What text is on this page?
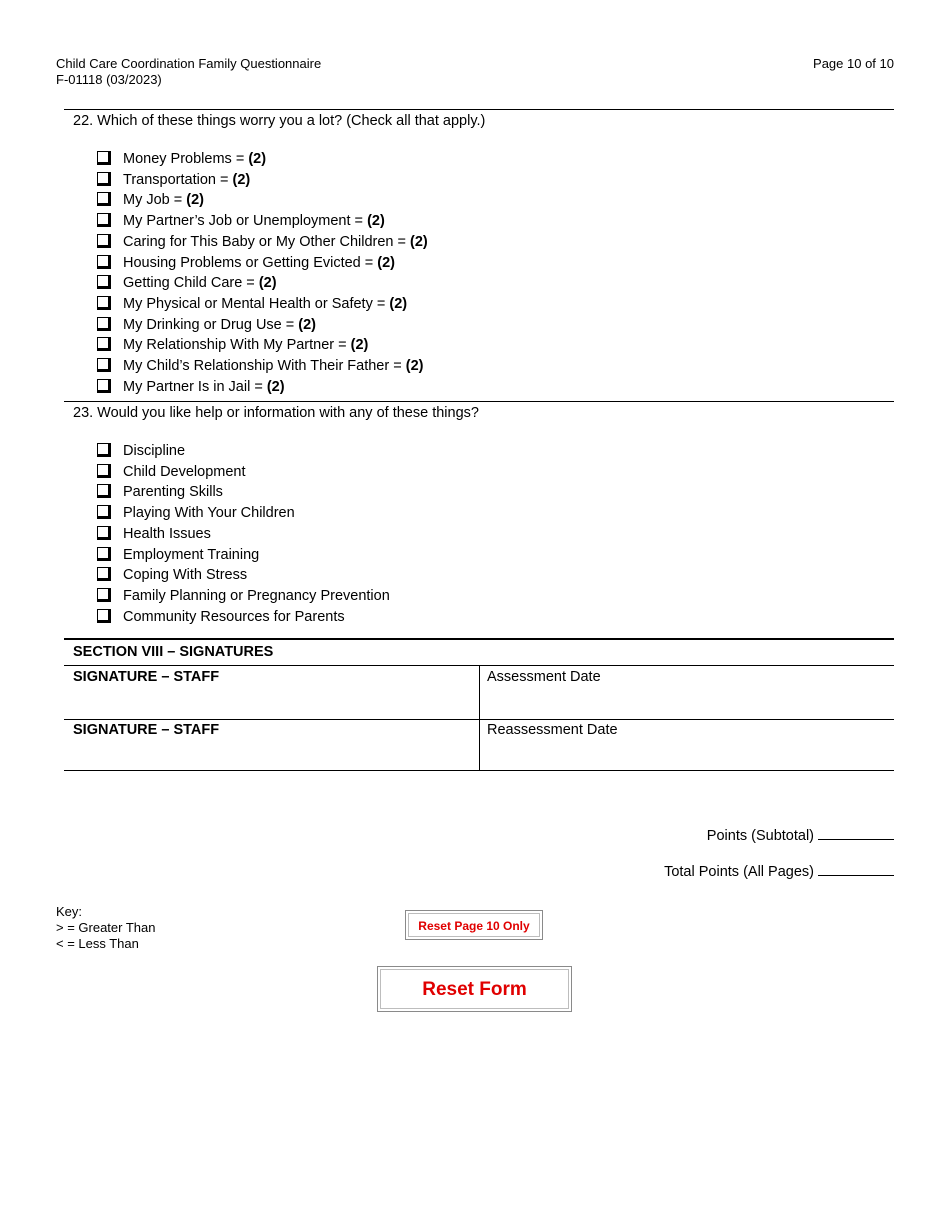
Child Care Coordination Family Questionnaire
F-01118 (03/2023)
Page 10 of 10
22. Which of these things worry you a lot? (Check all that apply.)
Money Problems = (2)
Transportation = (2)
My Job = (2)
My Partner’s Job or Unemployment = (2)
Caring for This Baby or My Other Children = (2)
Housing Problems or Getting Evicted = (2)
Getting Child Care = (2)
My Physical or Mental Health or Safety = (2)
My Drinking or Drug Use = (2)
My Relationship With My Partner = (2)
My Child’s Relationship With Their Father = (2)
My Partner Is in Jail = (2)
23. Would you like help or information with any of these things?
Discipline
Child Development
Parenting Skills
Playing With Your Children
Health Issues
Employment Training
Coping With Stress
Family Planning or Pregnancy Prevention
Community Resources for Parents
SECTION VIII – SIGNATURES
SIGNATURE – STAFF	Assessment Date
SIGNATURE – STAFF	Reassessment Date
Points (Subtotal)
Total Points (All Pages)
Key:
> = Greater Than
< = Less Than
Reset Page 10 Only
Reset Form
